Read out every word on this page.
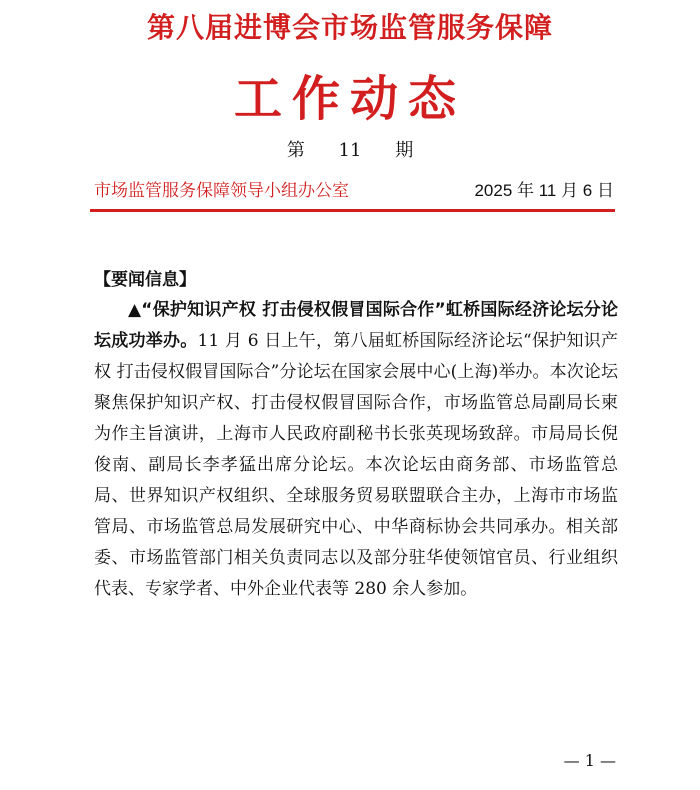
第八届进博会市场监管服务保障
工作动态
第 11 期
市场监管服务保障领导小组办公室	2025 年 11 月 6 日
【要闻信息】
▲“保护知识产权 打击侵权假冒国际合作”虹桥国际经济论坛分论坛成功举办。11 月 6 日上午，第八届虹桥国际经济论坛“保护知识产权 打击侵权假冒国际合”分论坛在国家会展中心(上海)举办。本次论坛聚焦保护知识产权、打击侵权假冒国际合作，市场监管总局副局长柬为作主旨演讲，上海市人民政府副秘书长张英现场致辞。市局局长倪俊南、副局长李孝猛出席分论坛。本次论坛由商务部、市场监管总局、世界知识产权组织、全球服务贸易联盟联合主办，上海市市场监管局、市场监管总局发展研究中心、中华商标协会共同承办。相关部委、市场监管部门相关负责同志以及部分驻华使领馆官员、行业组织代表、专家学者、中外企业代表等 280 余人参加。
— 1 —
